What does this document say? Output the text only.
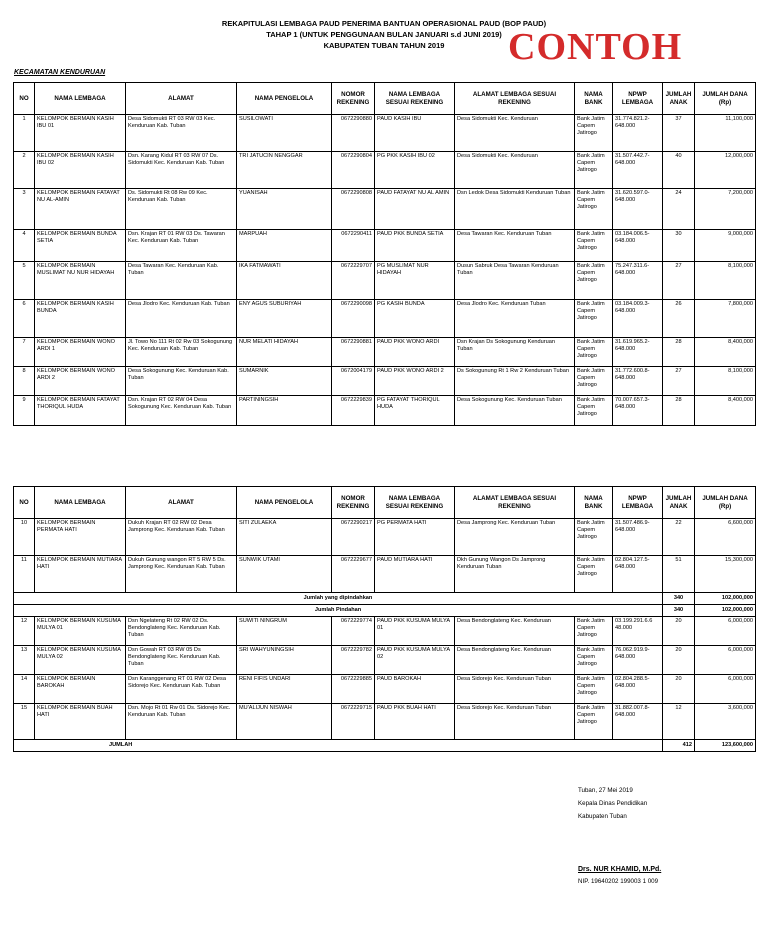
REKAPITULASI LEMBAGA PAUD PENERIMA BANTUAN OPERASIONAL PAUD (BOP PAUD)
TAHAP 1 (UNTUK PENGGUNAAN BULAN JANUARI s.d JUNI 2019)
KABUPATEN TUBAN TAHUN 2019	CONTOH
KECAMATAN KENDURUAN
NO	NAMA LEMBAGA	ALAMAT	NAMA PENGELOLA	NOMOR REKENING	NAMA LEMBAGA SESUAI REKENING	ALAMAT LEMBAGA SESUAI REKENING	NAMA BANK	NPWP LEMBAGA	JUMLAH ANAK	JUMLAH DANA (Rp)
1	KELOMPOK BERMAIN KASIH IBU 01	Desa Sidomukti RT 03 RW 03 Kec. Kenduruan Kab. Tuban	SUSILOWATI	0672290880	PAUD KASIH IBU	Desa Sidomukti Kec. Kenduruan	Bank Jatim Capem Jatirogo	31.774.821.2-648.000	37	11,100,000
2	KELOMPOK BERMAIN KASIH IBU 02	Dsn. Karang Kidul RT 03 RW 07 Ds. Sidomukti Kec. Kenduruan Kab. Tuban	TRI JATUCIN NENGGAR	0672290804	PG PKK KASIH IBU 02	Desa Sidomukti Kec. Kenduruan	Bank Jatim Capem Jatirogo	31.507.442.7-648.000	40	12,000,000
3	KELOMPOK BERMAIN FATAYAT NU AL-AMIN	Ds. Sidomukti Rt 08 Rw 09 Kec. Kenduruan Kab. Tuban	YUANISAH	0672290808	PAUD FATAYAT NU AL AMIN	Dsn Ledok Desa Sidomukti Kenduruan Tuban	Bank Jatim Capem Jatirogo	31.620.597.0-648.000	24	7,200,000
4	KELOMPOK BERMAIN BUNDA SETIA	Dsn. Krajan RT 01 RW 03 Ds. Tawaran Kec. Kenduruan Kab. Tuban	MARPUAH	0672290411	PAUD PKK BUNDA SETIA	Desa Tawaran Kec. Kenduruan Tuban	Bank Jatim Capem Jatirogo	03.184.006.5-648.000	30	9,000,000
5	KELOMPOK BERMAIN MUSLIMAT NU NUR HIDAYAH	Desa Tawaran Kec. Kenduruan Kab. Tuban	IKA FATMAWATI	0672229707	PG MUSLIMAT NUR HIDAYAH	Dusun Sabruk Desa Tawaran Kenduruan Tuban	Bank Jatim Capem Jatirogo	75.247.311.6-648.000	27	8,100,000
6	KELOMPOK BERMAIN KASIH BUNDA	Desa Jlodro Kec. Kenduruan Kab. Tuban	ENY AGUS SUBURIYAH	0672290098	PG KASIH BUNDA	Desa Jlodro Kec. Kenduruan Tuban	Bank Jatim Capem Jatirogo	03.184.009.3-648.000	26	7,800,000
7	KELOMPOK BERMAIN WONO ARDI 1	Jl. Towo No 111 Rt 02 Rw 03 Sokogunung Kec. Kenduruan Kab. Tuban	NUR MELATI HIDAYAH	0672290881	PAUD PKK WONO ARDI	Dsn Krajan Ds Sokogunung Kenduruan Tuban	Bank Jatim Capem Jatirogo	31.619.965.2-648.000	28	8,400,000
8	KELOMPOK BERMAIN WONO ARDI 2	Desa Sokogunung Kec. Kenduruan Kab. Tuban	SUMARNIK	0672004179	PAUD PKK WONO ARDI 2	Ds Sokogunung Rt 1 Rw 2 Kenduruan Tuban	Bank Jatim Capem Jatirogo	31.772.600.8-648.000	27	8,100,000
9	KELOMPOK BERMAIN FATAYAT THORIQUL HUDA	Dsn. Krajan RT 02 RW 04 Desa Sokogunung Kec. Kenduruan Kab. Tuban	PARTININGSIH	0672229839	PG FATAYAT THORIQUL HUDA	Desa Sokogunung Kec. Kenduruan Tuban	Bank Jatim Capem Jatirogo	70.007.657.3-648.000	28	8,400,000
NO	NAMA LEMBAGA	ALAMAT	NAMA PENGELOLA	NOMOR REKENING	NAMA LEMBAGA SESUAI REKENING	ALAMAT LEMBAGA SESUAI REKENING	NAMA BANK	NPWP LEMBAGA	JUMLAH ANAK	JUMLAH DANA (Rp)
10	KELOMPOK BERMAIN PERMATA HATI	Dukuh Krajan RT 02 RW 02 Desa Jamprong Kec. Kenduruan Kab. Tuban	SITI ZULAEKA	0672290217	PG PERMATA HATI	Desa Jamprong Kec. Kenduruan Tuban	Bank Jatim Capem Jatirogo	31.507.486.9-648.000	22	6,600,000
11	KELOMPOK BERMAIN MUTIARA HATI	Dukuh Gunung wangon RT 5 RW 5 Ds. Jamprong Kec. Kenduruan Kab. Tuban	SUNWIK UTAMI	0672229677	PAUD MUTIARA HATI	Dkh Gunung Wangon Ds Jamprong Kenduruan Tuban	Bank Jatim Capem Jatirogo	02.804.127.5-648.000	51	15,300,000
Jumlah yang dipindahkan									340	102,000,000
Jumlah Pindahan									340	102,000,000
12	KELOMPOK BERMAIN KUSUMA MULYA 01	Dsn Ngelateng Rt 02 RW 02 Ds. Bendonglateng Kec. Kenduruan Kab. Tuban	SUWITI NINGRUM	0672229774	PAUD PKK KUSUMA MULYA 01	Desa Bendonglateng Kec. Kenduruan	Bank Jatim Capem Jatirogo	03.199.291.6.6 48.000	20	6,000,000
13	KELOMPOK BERMAIN KUSUMA MULYA 02	Dsn Gowah RT 03 RW 05 Ds Bendonglateng Kec. Kenduruan Kab. Tuban	SRI WAHYUNINGSIH	0672229782	PAUD PKK KUSUMA MULYA 02	Desa Bendonglateng Kec. Kenduruan	Bank Jatim Capem Jatirogo	76.062.919.9-648.000	20	6,000,000
14	KELOMPOK BERMAIN BAROKAH	Dsn Karanggenang RT 01 RW 02 Desa Sidorejo Kec. Kenduruan Kab. Tuban	RENI FIFIS UNDARI	0672229885	PAUD BAROKAH	Desa Sidorejo Kec. Kenduruan Tuban	Bank Jatim Capem Jatirogo	02.804.288.5-648.000	20	6,000,000
15	KELOMPOK BERMAIN BUAH HATI	Dsn. Mojo Rt 01 Rw 01 Ds. Sidorejo Kec. Kenduruan Kab. Tuban	MU'ALIJUN NISWAH	0672229715	PAUD PKK BUAH HATI	Desa Sidorejo Kec. Kenduruan Tuban	Bank Jatim Capem Jatirogo	31.882.007.8-648.000	12	3,600,000
JUMLAH									412	123,600,000
Tuban, 27 Mei 2019
Kepala Dinas Pendidikan
Kabupaten Tuban
Drs. NUR KHAMID, M.Pd.
NIP. 19640202 199003 1 009
